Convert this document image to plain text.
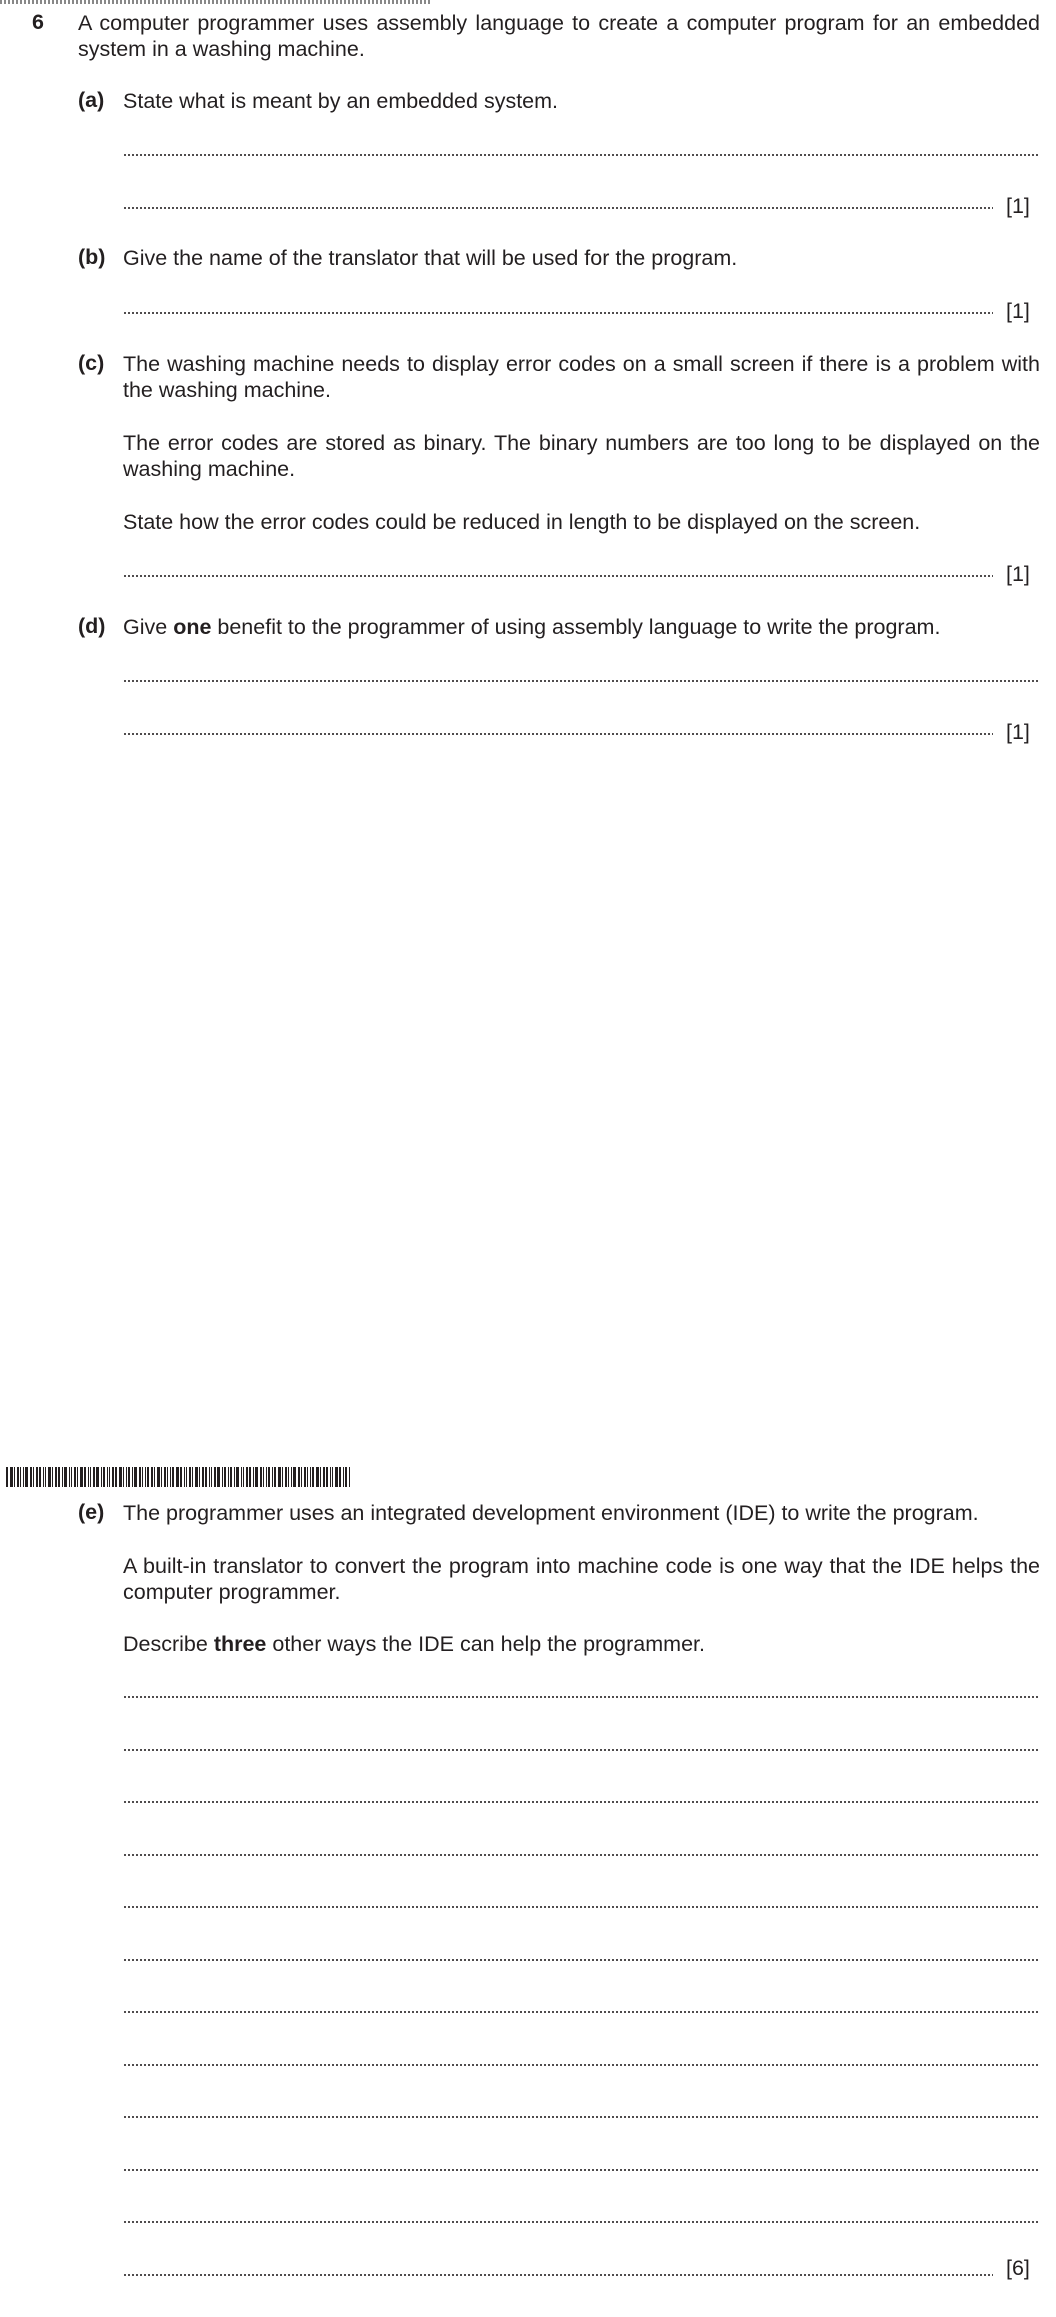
6 A computer programmer uses assembly language to create a computer program for an embedded system in a washing machine.
(a) State what is meant by an embedded system.
[1]
(b) Give the name of the translator that will be used for the program.
[1]
(c) The washing machine needs to display error codes on a small screen if there is a problem with the washing machine.
The error codes are stored as binary. The binary numbers are too long to be displayed on the washing machine.
State how the error codes could be reduced in length to be displayed on the screen.
[1]
(d) Give one benefit to the programmer of using assembly language to write the program.
[1]
(e) The programmer uses an integrated development environment (IDE) to write the program.
A built-in translator to convert the program into machine code is one way that the IDE helps the computer programmer.
Describe three other ways the IDE can help the programmer.
[6]
